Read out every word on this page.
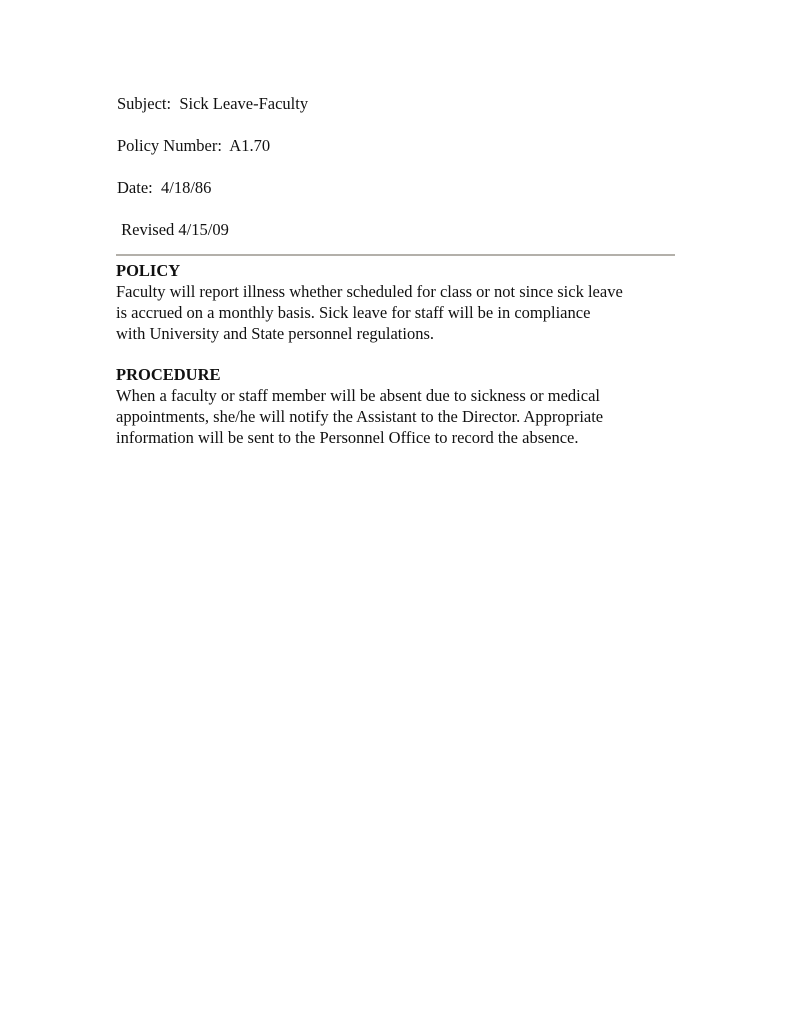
Subject:  Sick Leave-Faculty
Policy Number:  A1.70
Date:  4/18/86
Revised 4/15/09
POLICY
Faculty will report illness whether scheduled for class or not since sick leave
is accrued on a monthly basis. Sick leave for staff will be in compliance
with University and State personnel regulations.
PROCEDURE
When a faculty or staff member will be absent due to sickness or medical
appointments, she/he will notify the Assistant to the Director. Appropriate
information will be sent to the Personnel Office to record the absence.
